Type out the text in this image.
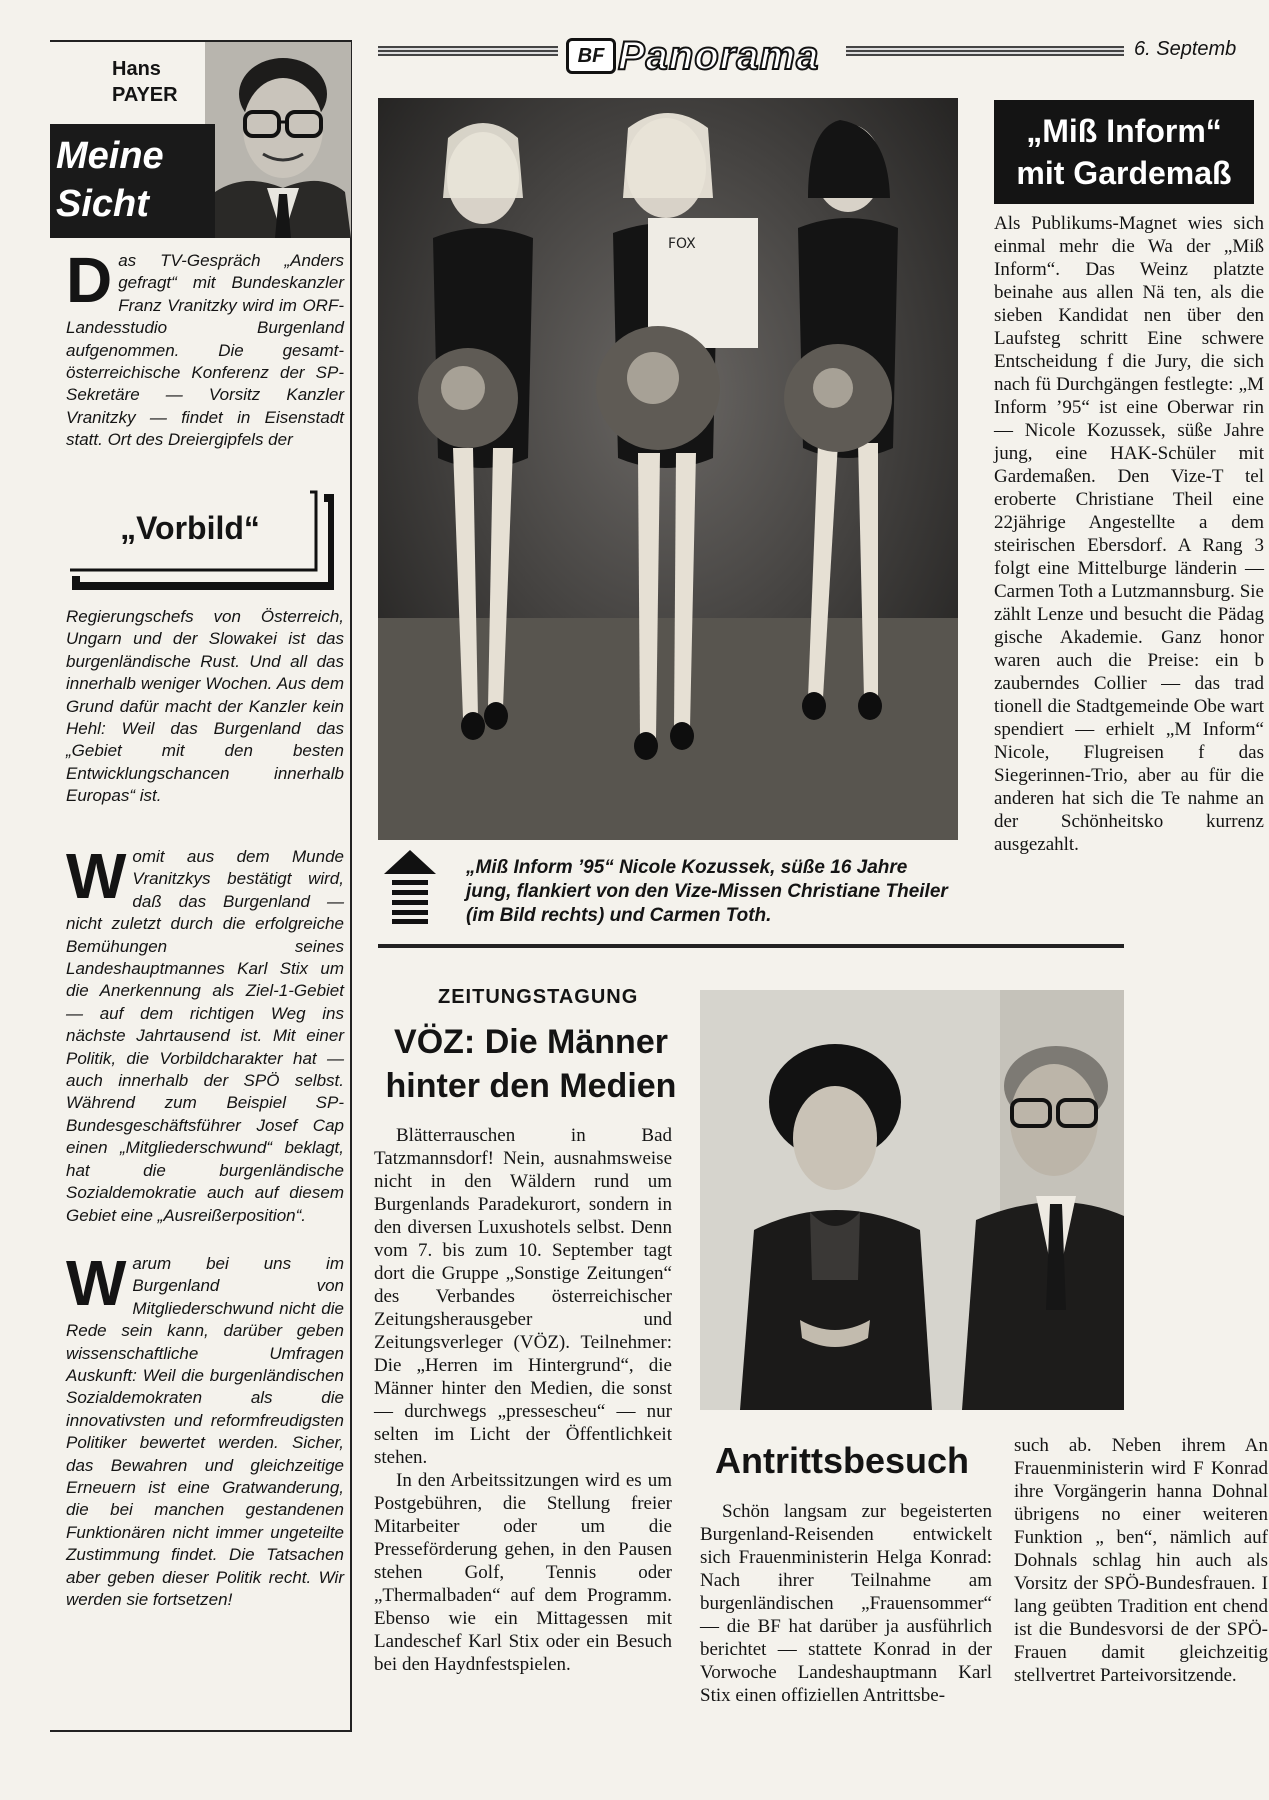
Hans
PAYER
Meine
Sicht
Das TV-Gespräch „Anders gefragt“ mit Bundeskanzler Franz Vranitzky wird im ORF-Landesstudio Burgenland aufgenommen. Die gesamt-österreichische Konferenz der SP-Sekretäre — Vorsitz Kanzler Vranitzky — findet in Eisenstadt statt. Ort des Dreiergipfels der
„Vorbild“
Regierungschefs von Österreich, Ungarn und der Slowakei ist das burgenländische Rust. Und all das innerhalb weniger Wochen. Aus dem Grund dafür macht der Kanzler kein Hehl: Weil das Burgenland das „Gebiet mit den besten Entwicklungschancen innerhalb Europas“ ist.
Womit aus dem Munde Vranitzkys bestätigt wird, daß das Burgenland — nicht zuletzt durch die erfolgreiche Bemühungen seines Landeshauptmannes Karl Stix um die Anerkennung als Ziel-1-Gebiet — auf dem richtigen Weg ins nächste Jahrtausend ist. Mit einer Politik, die Vorbildcharakter hat — auch innerhalb der SPÖ selbst. Während zum Beispiel SP-Bundesgeschäftsführer Josef Cap einen „Mitgliederschwund“ beklagt, hat die burgenländische Sozialdemokratie auch auf diesem Gebiet eine „Ausreißerposition“.
Warum bei uns im Burgenland von Mitgliederschwund nicht die Rede sein kann, darüber geben wissenschaftliche Umfragen Auskunft: Weil die burgenländischen Sozialdemokraten als die innovativsten und reformfreudigsten Politiker bewertet werden. Sicher, das Bewahren und gleichzeitige Erneuern ist eine Gratwanderung, die bei manchen gestandenen Funktionären nicht immer ungeteilte Zustimmung findet. Die Tatsachen aber geben dieser Politik recht. Wir werden sie fortsetzen!
BF Panorama	6. Septemb
FOX
„Miß Inform ’95“ Nicole Kozussek, süße 16 Jahre jung, flankiert von den Vize-Missen Christiane Theiler (im Bild rechts) und Carmen Toth.
„Miß Inform“
mit Gardemaß
Als Publikums-Magnet wies sich einmal mehr die Wa der „Miß Inform“. Das Weinz platzte beinahe aus allen Nä ten, als die sieben Kandidat nen über den Laufsteg schritt Eine schwere Entscheidung f die Jury, die sich nach fü Durchgängen festlegte: „M Inform ’95“ ist eine Oberwar rin — Nicole Kozussek, süße Jahre jung, eine HAK-Schüler mit Gardemaßen. Den Vize-T tel eroberte Christiane Theil eine 22jährige Angestellte a dem steirischen Ebersdorf. A Rang 3 folgt eine Mittelburge länderin — Carmen Toth a Lutzmannsburg. Sie zählt Lenze und besucht die Pädag gische Akademie. Ganz honor waren auch die Preise: ein b zauberndes Collier — das trad tionell die Stadtgemeinde Obe wart spendiert — erhielt „M Inform“ Nicole, Flugreisen f das Siegerinnen-Trio, aber au für die anderen hat sich die Te nahme an der Schönheitsko kurrenz ausgezahlt.
ZEITUNGSTAGUNG
VÖZ: Die Männer
hinter den Medien

Blätterrauschen in Bad Tatzmannsdorf! Nein, ausnahmsweise nicht in den Wäldern rund um Burgenlands Paradekurort, sondern in den diversen Luxushotels selbst. Denn vom 7. bis zum 10. September tagt dort die Gruppe „Sonstige Zeitungen“ des Verbandes österreichischer Zeitungsherausgeber und Zeitungsverleger (VÖZ). Teilnehmer: Die „Herren im Hintergrund“, die Männer hinter den Medien, die sonst — durchwegs „pressescheu“ — nur selten im Licht der Öffentlichkeit stehen.

In den Arbeitssitzungen wird es um Postgebühren, die Stellung freier Mitarbeiter oder um die Presseförderung gehen, in den Pausen stehen Golf, Tennis oder „Thermalbaden“ auf dem Programm. Ebenso wie ein Mittagessen mit Landeschef Karl Stix oder ein Besuch bei den Haydnfestspielen.

Antrittsbesuch
Schön langsam zur begeisterten Burgenland-Reisenden entwickelt sich Frauenministerin Helga Konrad: Nach ihrer Teilnahme am burgenländischen „Frauensommer“ — die BF hat darüber ja ausführlich berichtet — stattete Konrad in der Vorwoche Landeshauptmann Karl Stix einen offiziellen Antrittsbe-
such ab. Neben ihrem An Frauenministerin wird F Konrad ihre Vorgängerin hanna Dohnal übrigens no einer weiteren Funktion „ ben“, nämlich auf Dohnals schlag hin auch als Vorsitz der SPÖ-Bundesfrauen. I lang geübten Tradition ent chend ist die Bundesvorsi de der SPÖ-Frauen damit gleichzeitig stellvertret Parteivorsitzende.
